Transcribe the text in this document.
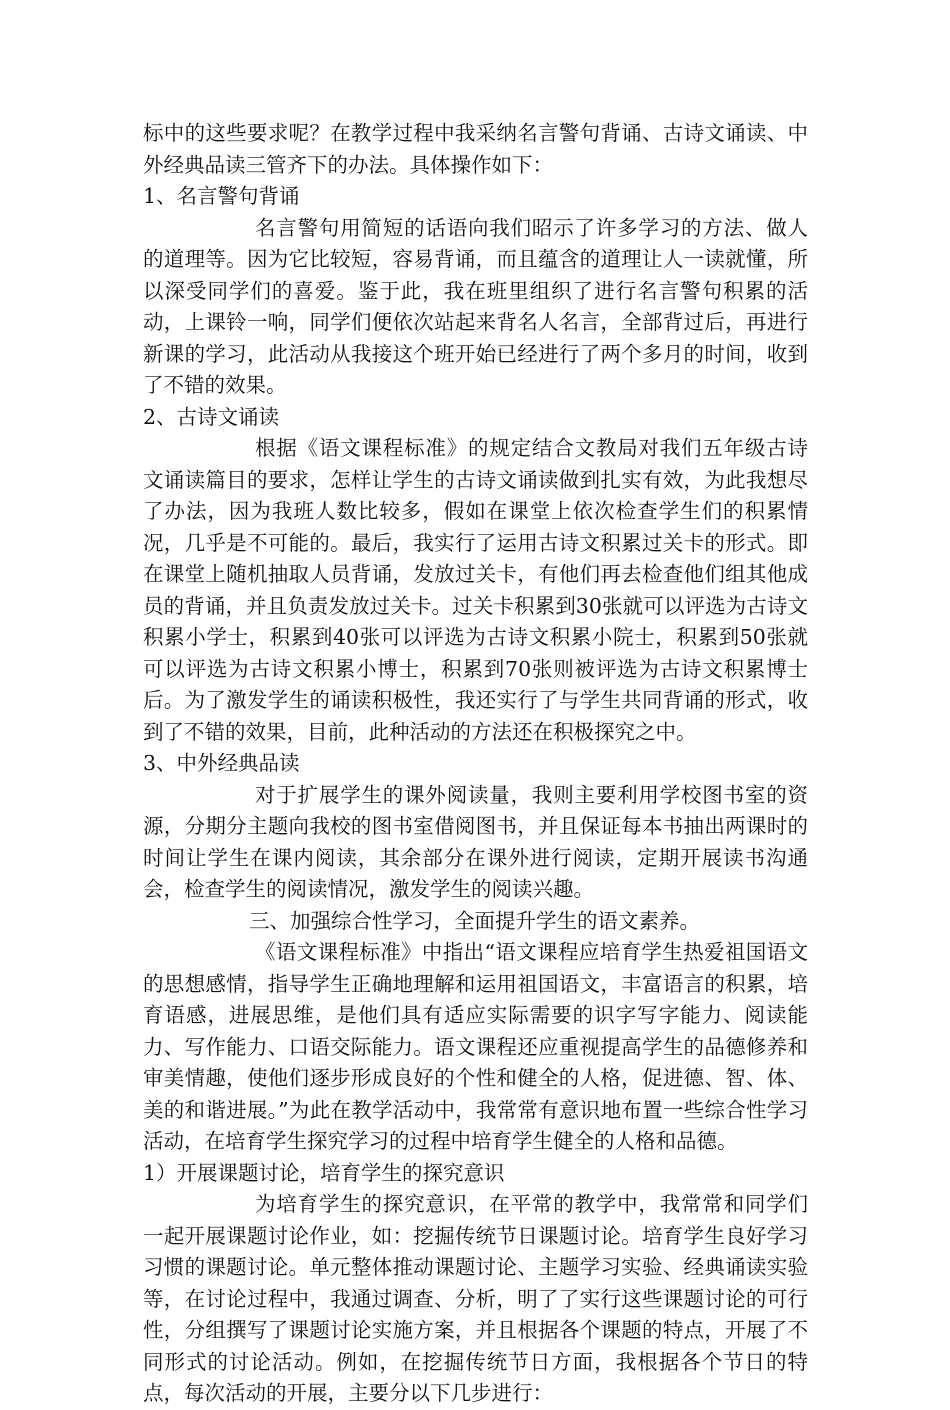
标中的这些要求呢？在教学过程中我采纳名言警句背诵、古诗文诵读、中外经典品读三管齐下的办法。具体操作如下：

1、名言警句背诵

名言警句用简短的话语向我们昭示了许多学习的方法、做人的道理等。因为它比较短，容易背诵，而且蕴含的道理让人一读就懂，所以深受同学们的喜爱。鉴于此，我在班里组织了进行名言警句积累的活动，上课铃一响，同学们便依次站起来背名人名言，全部背过后，再进行新课的学习，此活动从我接这个班开始已经进行了两个多月的时间，收到了不错的效果。

2、古诗文诵读

根据《语文课程标准》的规定结合文教局对我们五年级古诗文诵读篇目的要求，怎样让学生的古诗文诵读做到扎实有效，为此我想尽了办法，因为我班人数比较多，假如在课堂上依次检查学生们的积累情况，几乎是不可能的。最后，我实行了运用古诗文积累过关卡的形式。即在课堂上随机抽取人员背诵，发放过关卡，有他们再去检查他们组其他成员的背诵，并且负责发放过关卡。过关卡积累到30张就可以评选为古诗文积累小学士，积累到40张可以评选为古诗文积累小院士，积累到50张就可以评选为古诗文积累小博士，积累到70张则被评选为古诗文积累博士后。为了激发学生的诵读积极性，我还实行了与学生共同背诵的形式，收到了不错的效果，目前，此种活动的方法还在积极探究之中。

3、中外经典品读

对于扩展学生的课外阅读量，我则主要利用学校图书室的资源，分期分主题向我校的图书室借阅图书，并且保证每本书抽出两课时的时间让学生在课内阅读，其余部分在课外进行阅读，定期开展读书沟通会，检查学生的阅读情况，激发学生的阅读兴趣。

三、加强综合性学习，全面提升学生的语文素养。

《语文课程标准》中指出“语文课程应培育学生热爱祖国语文的思想感情，指导学生正确地理解和运用祖国语文，丰富语言的积累，培育语感，进展思维，是他们具有适应实际需要的识字写字能力、阅读能力、写作能力、口语交际能力。语文课程还应重视提高学生的品德修养和审美情趣，使他们逐步形成良好的个性和健全的人格，促进德、智、体、美的和谐进展。”为此在教学活动中，我常常有意识地布置一些综合性学习活动，在培育学生探究学习的过程中培育学生健全的人格和品德。

1）开展课题讨论，培育学生的探究意识

为培育学生的探究意识，在平常的教学中，我常常和同学们一起开展课题讨论作业，如：挖掘传统节日课题讨论。培育学生良好学习习惯的课题讨论。单元整体推动课题讨论、主题学习实验、经典诵读实验等，在讨论过程中，我通过调查、分析，明了了实行这些课题讨论的可行性，分组撰写了课题讨论实施方案，并且根据各个课题的特点，开展了不同形式的讨论活动。例如，在挖掘传统节日方面，我根据各个节日的特点，每次活动的开展，主要分以下几步进行：
